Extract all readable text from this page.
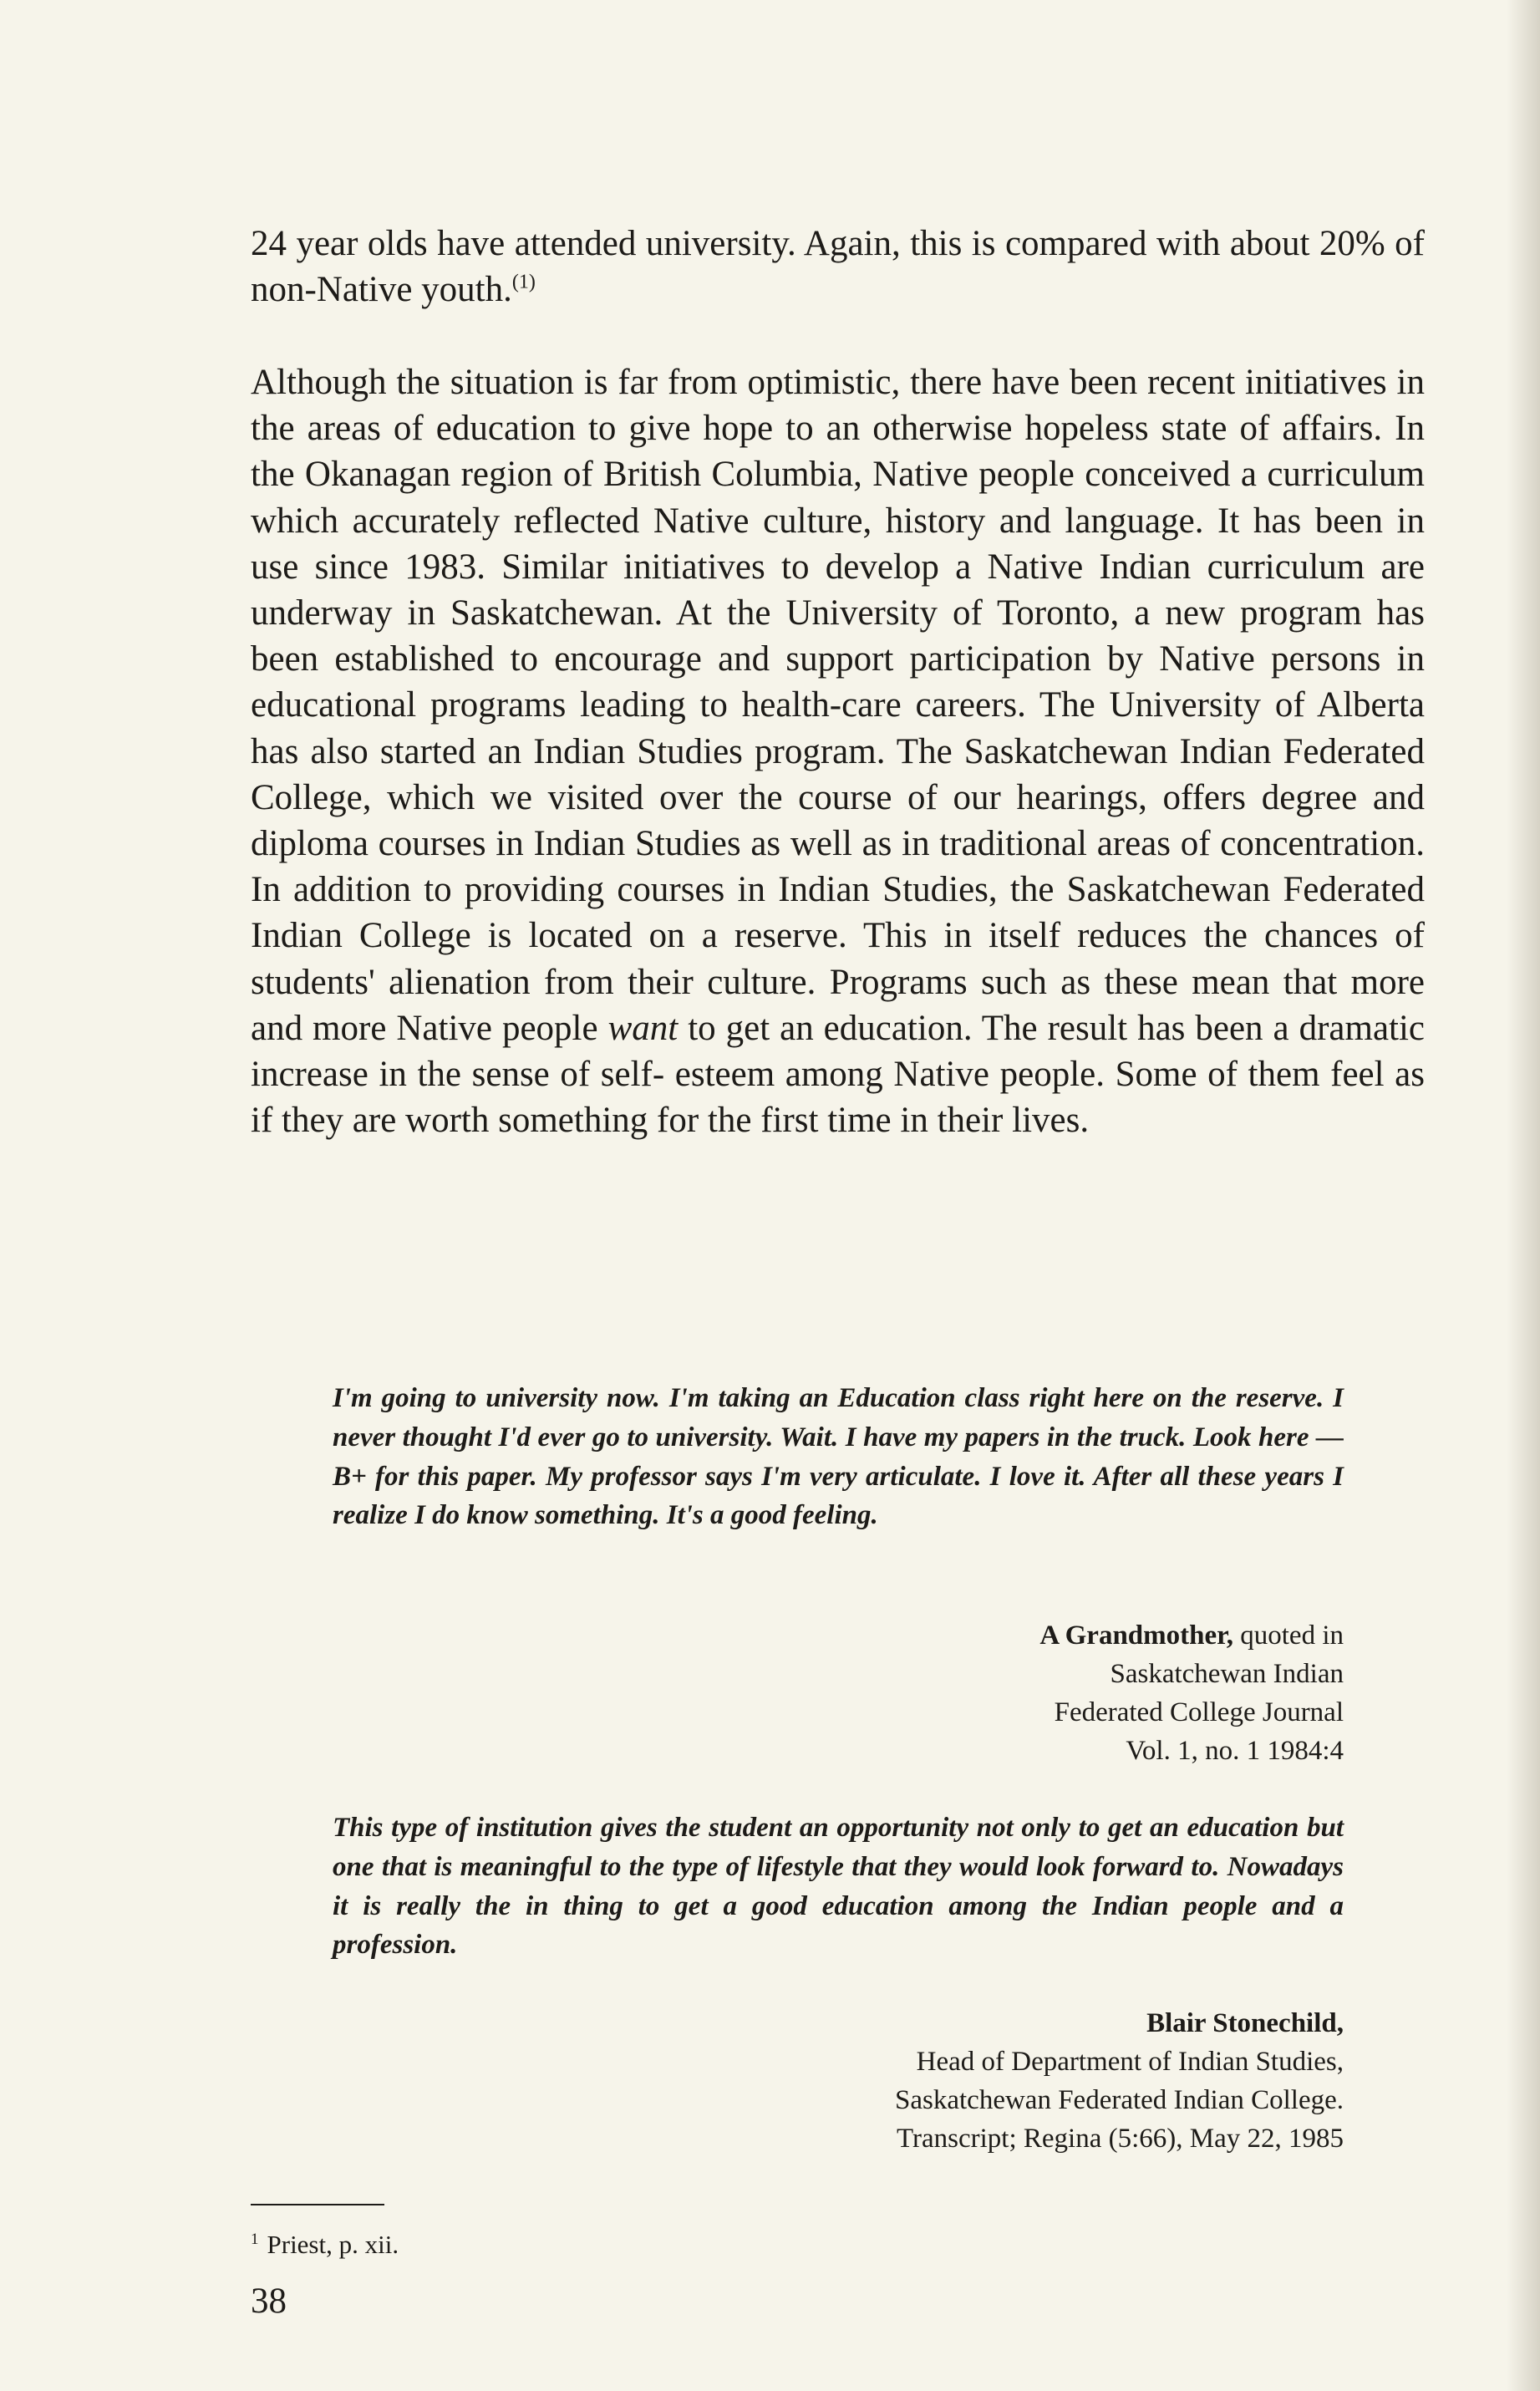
24 year olds have attended university. Again, this is compared with about 20% of non-Native youth.$^{(1)}$

Although the situation is far from optimistic, there have been recent initiatives in the areas of education to give hope to an otherwise hopeless state of affairs. In the Okanagan region of British Columbia, Native people conceived a curriculum which accurately reflected Native culture, history and language. It has been in use since 1983. Similar initiatives to develop a Native Indian curriculum are underway in Saskatchewan. At the University of Toronto, a new program has been established to encourage and support participation by Native persons in educational programs leading to health-care careers. The University of Alberta has also started an Indian Studies program. The Saskatchewan Indian Federated College, which we visited over the course of our hearings, offers degree and diploma courses in Indian Studies as well as in traditional areas of concentration. In addition to providing courses in Indian Studies, the Saskatchewan Federated Indian College is located on a reserve. This in itself reduces the chances of students' alienation from their culture. Programs such as these mean that more and more Native people want to get an education. The result has been a dramatic increase in the sense of self- esteem among Native people. Some of them feel as if they are worth something for the first time in their lives.

I'm going to university now. I'm taking an Education class right here on the reserve. I never thought I'd ever go to university. Wait. I have my papers in the truck. Look here — B+ for this paper. My professor says I'm very articulate. I love it. After all these years I realize I do know something. It's a good feeling.

A Grandmother, quoted in
Saskatchewan Indian
Federated College Journal
Vol. 1, no. 1 1984:4

This type of institution gives the student an opportunity not only to get an education but one that is meaningful to the type of lifestyle that they would look forward to. Nowadays it is really the in thing to get a good education among the Indian people and a profession.

Blair Stonechild,
Head of Department of Indian Studies,
Saskatchewan Federated Indian College.
Transcript; Regina (5:66), May 22, 1985
$^1$ Priest, p. xii.
38
